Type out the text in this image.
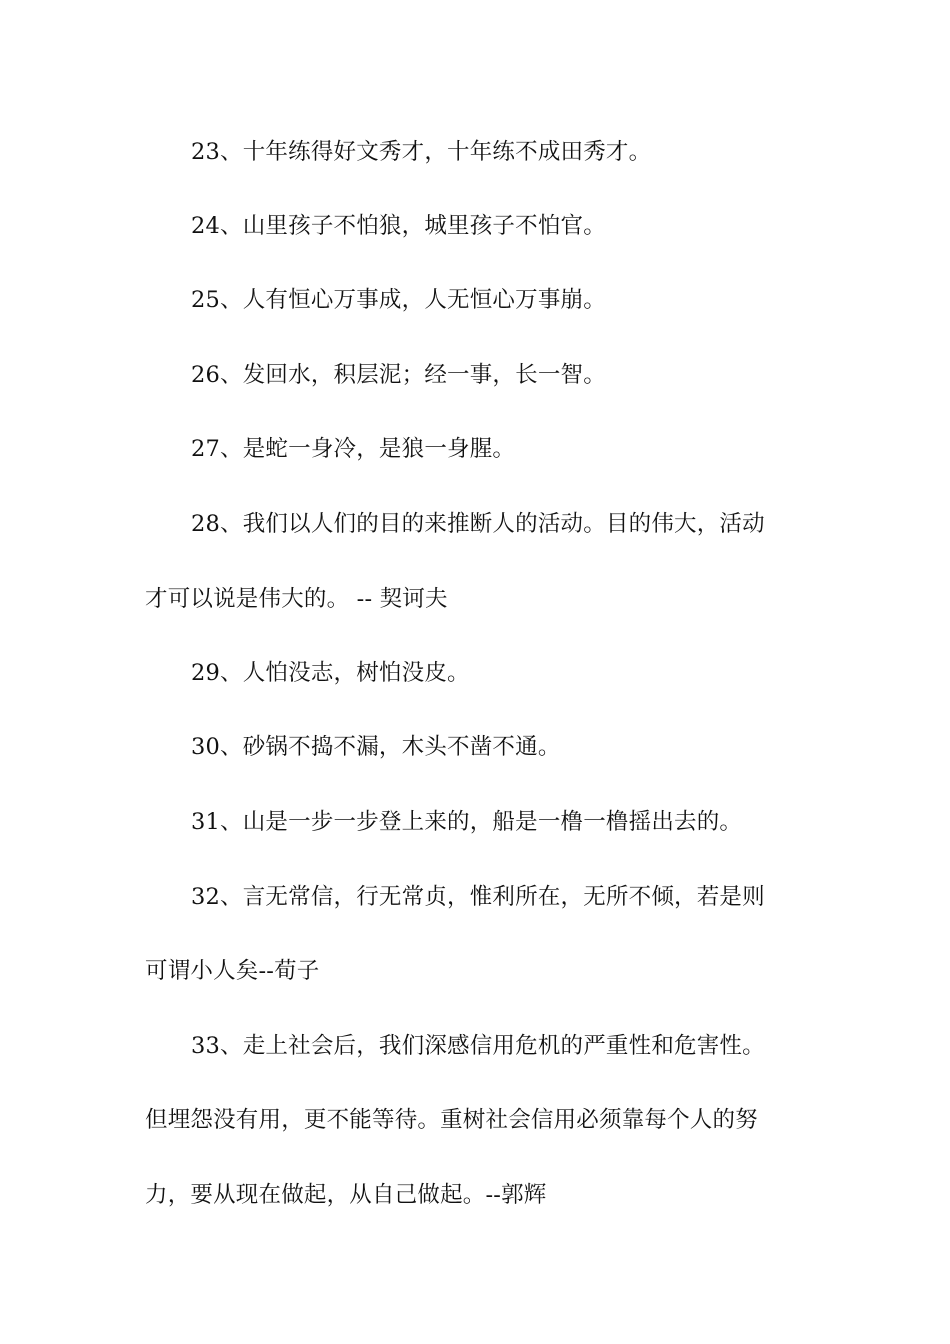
23、十年练得好文秀才，十年练不成田秀才。
24、山里孩子不怕狼，城里孩子不怕官。
25、人有恒心万事成，人无恒心万事崩。
26、发回水，积层泥；经一事，长一智。
27、是蛇一身冷，是狼一身腥。
28、我们以人们的目的来推断人的活动。目的伟大，活动
才可以说是伟大的。 -- 契诃夫
29、人怕没志，树怕没皮。
30、砂锅不捣不漏，木头不凿不通。
31、山是一步一步登上来的，船是一橹一橹摇出去的。
32、言无常信，行无常贞，惟利所在，无所不倾，若是则
可谓小人矣--荀子
33、走上社会后，我们深感信用危机的严重性和危害性。
但埋怨没有用，更不能等待。重树社会信用必须靠每个人的努
力，要从现在做起，从自己做起。--郭辉
